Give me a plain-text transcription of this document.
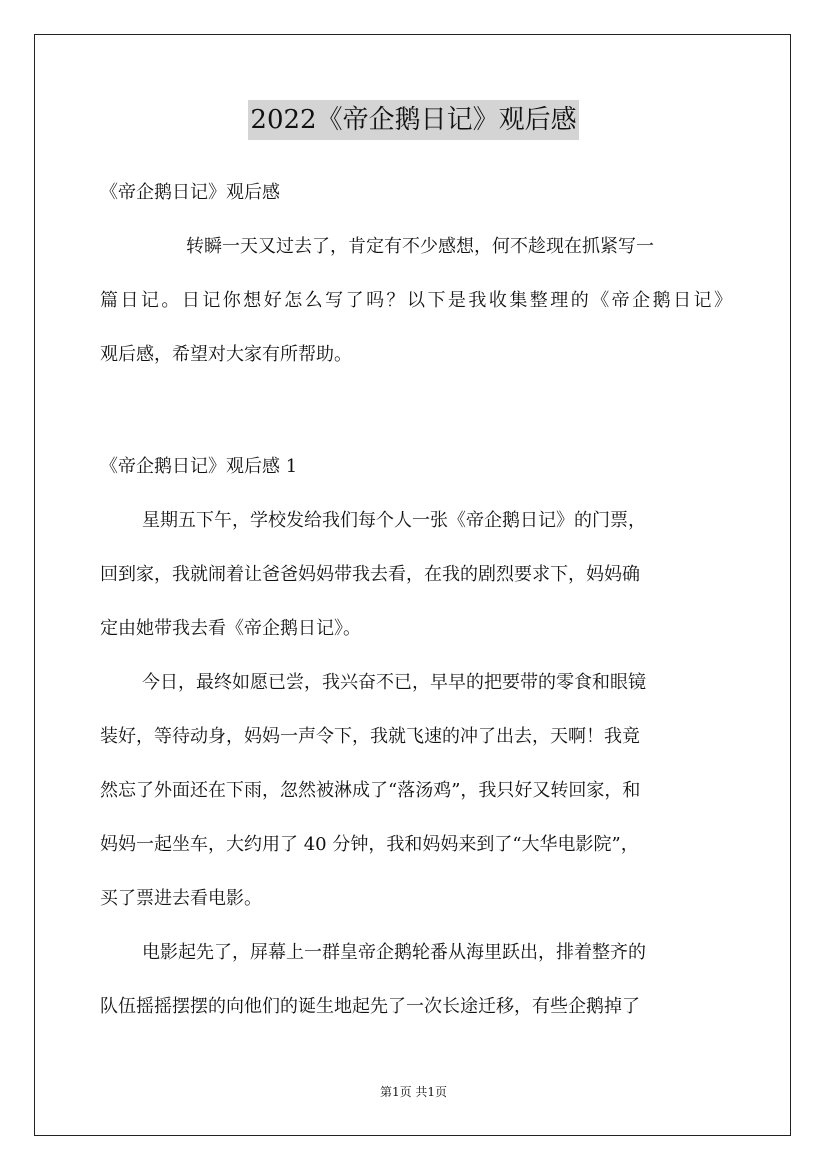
2022《帝企鹅日记》观后感
《帝企鹅日记》观后感
转瞬一天又过去了，肯定有不少感想，何不趁现在抓紧写一
篇日记。日记你想好怎么写了吗？以下是我收集整理的《帝企鹅日记》
观后感，希望对大家有所帮助。
《帝企鹅日记》观后感 1
星期五下午，学校发给我们每个人一张《帝企鹅日记》的门票，
回到家，我就闹着让爸爸妈妈带我去看，在我的剧烈要求下，妈妈确
定由她带我去看《帝企鹅日记》。
今日，最终如愿已尝，我兴奋不已，早早的把要带的零食和眼镜
装好，等待动身，妈妈一声令下，我就飞速的冲了出去，天啊！我竟
然忘了外面还在下雨，忽然被淋成了“落汤鸡”，我只好又转回家，和
妈妈一起坐车，大约用了 40 分钟，我和妈妈来到了“大华电影院”，
买了票进去看电影。
电影起先了，屏幕上一群皇帝企鹅轮番从海里跃出，排着整齐的
队伍摇摇摆摆的向他们的诞生地起先了一次长途迁移，有些企鹅掉了
第1页 共1页
